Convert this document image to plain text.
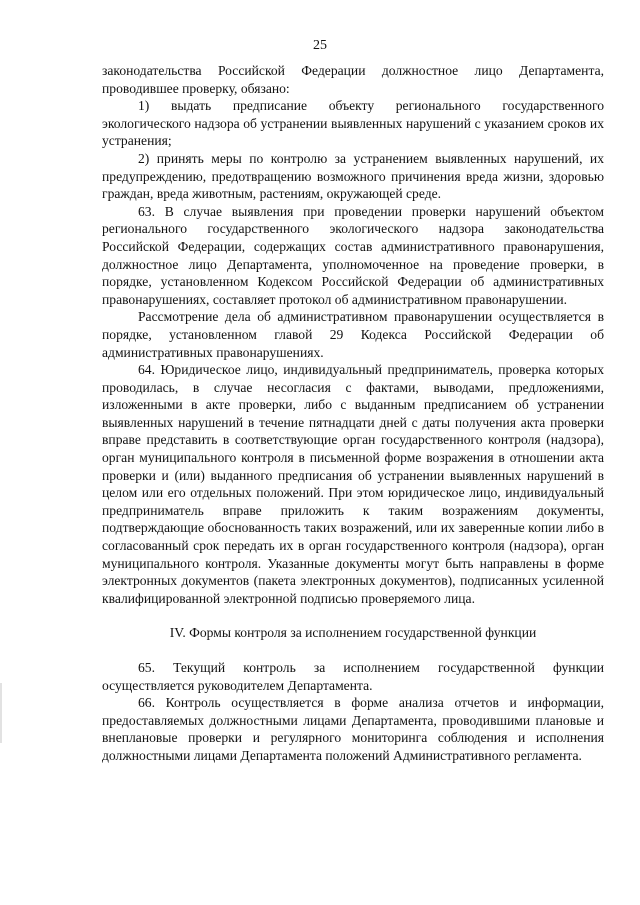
25

законодательства Российской Федерации должностное лицо Департамента, проводившее проверку, обязано:

1) выдать предписание объекту регионального государственного экологического надзора об устранении выявленных нарушений с указанием сроков их устранения;

2) принять меры по контролю за устранением выявленных нарушений, их предупреждению, предотвращению возможного причинения вреда жизни, здоровью граждан, вреда животным, растениям, окружающей среде.

63. В случае выявления при проведении проверки нарушений объектом регионального государственного экологического надзора законодательства Российской Федерации, содержащих состав административного правонарушения, должностное лицо Департамента, уполномоченное на проведение проверки, в порядке, установленном Кодексом Российской Федерации об административных правонарушениях, составляет протокол об административном правонарушении.

Рассмотрение дела об административном правонарушении осуществляется в порядке, установленном главой 29 Кодекса Российской Федерации об административных правонарушениях.

64. Юридическое лицо, индивидуальный предприниматель, проверка которых проводилась, в случае несогласия с фактами, выводами, предложениями, изложенными в акте проверки, либо с выданным предписанием об устранении выявленных нарушений в течение пятнадцати дней с даты получения акта проверки вправе представить в соответствующие орган государственного контроля (надзора), орган муниципального контроля в письменной форме возражения в отношении акта проверки и (или) выданного предписания об устранении выявленных нарушений в целом или его отдельных положений. При этом юридическое лицо, индивидуальный предприниматель вправе приложить к таким возражениям документы, подтверждающие обоснованность таких возражений, или их заверенные копии либо в согласованный срок передать их в орган государственного контроля (надзора), орган муниципального контроля. Указанные документы могут быть направлены в форме электронных документов (пакета электронных документов), подписанных усиленной квалифицированной электронной подписью проверяемого лица.

IV. Формы контроля за исполнением государственной функции

65. Текущий контроль за исполнением государственной функции осуществляется руководителем Департамента.

66. Контроль осуществляется в форме анализа отчетов и информации, предоставляемых должностными лицами Департамента, проводившими плановые и внеплановые проверки и регулярного мониторинга соблюдения и исполнения должностными лицами Департамента положений Административного регламента.
